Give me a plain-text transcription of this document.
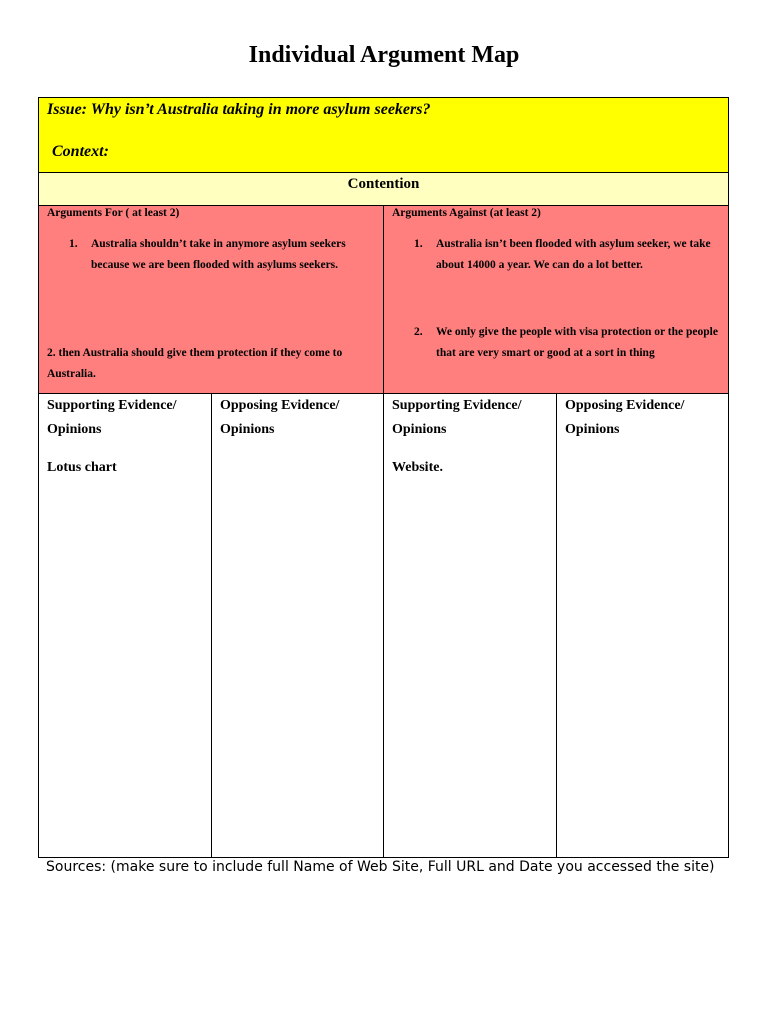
Individual Argument Map
Issue: Why isn’t Australia taking in more asylum seekers?
Context:
Contention
Arguments For ( at least 2)
1.	Australia shouldn’t take in anymore asylum seekers because we are been flooded with asylums seekers.
2. then Australia should give them protection if they come to Australia.
Arguments Against (at least 2)
1.	Australia isn’t been flooded with asylum seeker, we take about 14000 a year. We can do a lot better.
2.	We only give the people with visa protection or the people that are very smart or good at a sort in thing
Supporting Evidence/ Opinions
Lotus chart
Opposing Evidence/ Opinions
Supporting Evidence/ Opinions
Website.
Opposing Evidence/ Opinions
Sources: (make sure to include full Name of Web Site, Full URL and Date you accessed the site)
